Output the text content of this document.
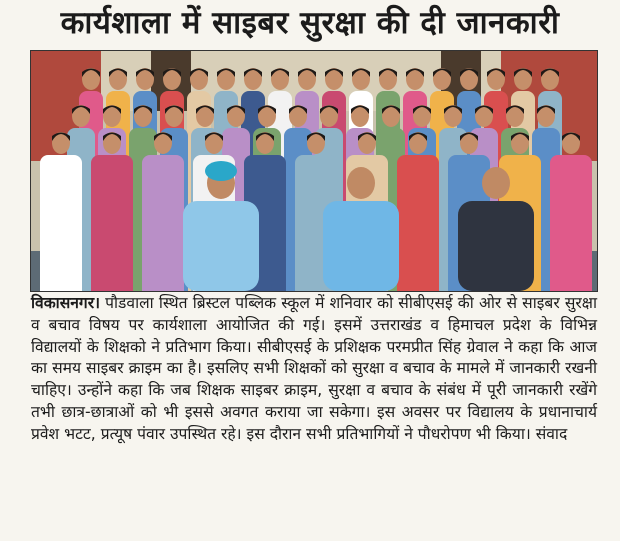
कार्यशाला में साइबर सुरक्षा की दी जानकारी
विकासनगर। पौडवाला स्थित ब्रिस्टल पब्लिक स्कूल में शनिवार को सीबीएसई की ओर से साइबर सुरक्षा व बचाव विषय पर कार्यशाला आयोजित की गई। इसमें उत्तराखंड व हिमाचल प्रदेश के विभिन्न विद्यालयों के शिक्षको ने प्रतिभाग किया। सीबीएसई के प्रशिक्षक परमप्रीत सिंह ग्रेवाल ने कहा कि आज का समय साइबर क्राइम का है। इसलिए सभी शिक्षकों को सुरक्षा व बचाव के मामले में जानकारी रखनी चाहिए। उन्होंने कहा कि जब शिक्षक साइबर क्राइम, सुरक्षा व बचाव के संबंध में पूरी जानकारी रखेंगे तभी छात्र-छात्राओं को भी इससे अवगत कराया जा सकेगा। इस अवसर पर विद्यालय के प्रधानाचार्य प्रवेश भटट, प्रत्यूष पंवार उपस्थित रहे। इस दौरान सभी प्रतिभागियों ने पौधरोपण भी किया। संवाद
